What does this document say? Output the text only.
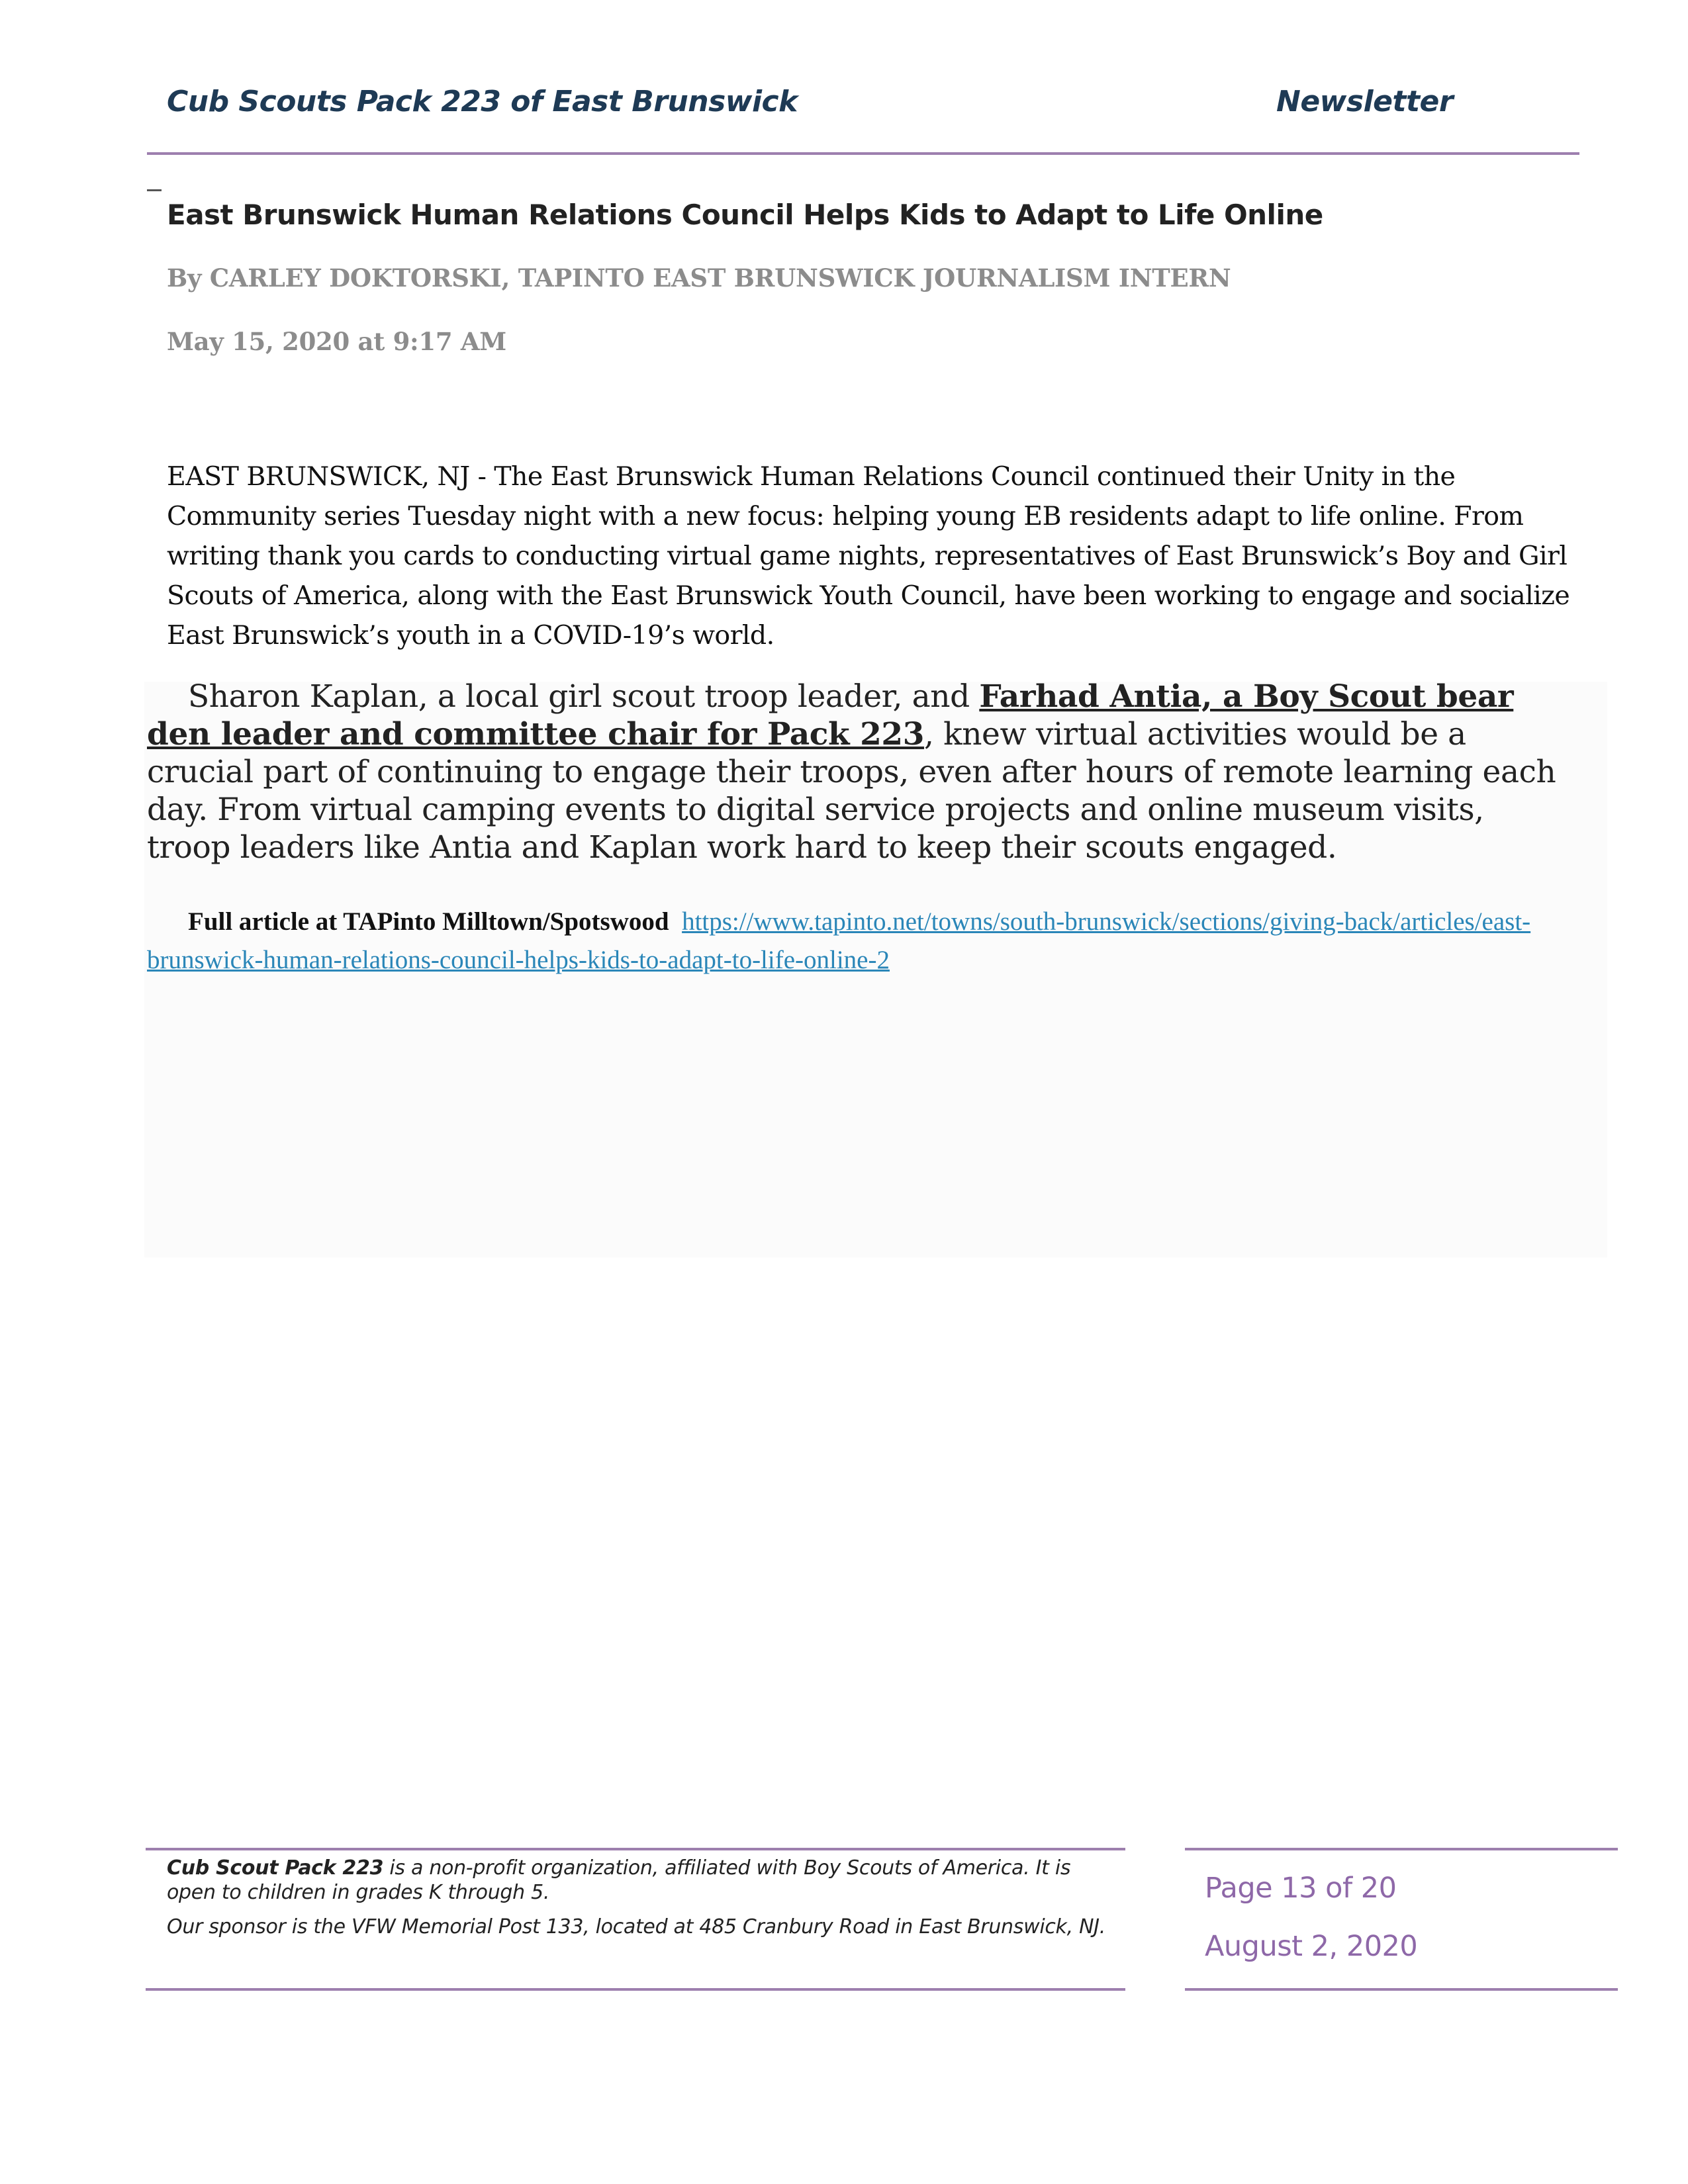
Cub Scouts Pack 223 of East Brunswick	Newsletter
East Brunswick Human Relations Council Helps Kids to Adapt to Life Online
By CARLEY DOKTORSKI, TAPINTO EAST BRUNSWICK JOURNALISM INTERN
May 15, 2020 at 9:17 AM
EAST BRUNSWICK, NJ - The East Brunswick Human Relations Council continued their Unity in the Community series Tuesday night with a new focus: helping young EB residents adapt to life online. From writing thank you cards to conducting virtual game nights, representatives of East Brunswick’s Boy and Girl Scouts of America, along with the East Brunswick Youth Council, have been working to engage and socialize East Brunswick’s youth in a COVID-19’s world.
Sharon Kaplan, a local girl scout troop leader, and Farhad Antia, a Boy Scout bear den leader and committee chair for Pack 223, knew virtual activities would be a crucial part of continuing to engage their troops, even after hours of remote learning each day. From virtual camping events to digital service projects and online museum visits, troop leaders like Antia and Kaplan work hard to keep their scouts engaged.
Full article at TAPinto Milltown/Spotswood https://www.tapinto.net/towns/south-brunswick/sections/giving-back/articles/east-brunswick-human-relations-council-helps-kids-to-adapt-to-life-online-2
Cub Scout Pack 223 is a non-profit organization, affiliated with Boy Scouts of America. It is open to children in grades K through 5.
Our sponsor is the VFW Memorial Post 133, located at 485 Cranbury Road in East Brunswick, NJ.
Page 13 of 20
August 2, 2020
